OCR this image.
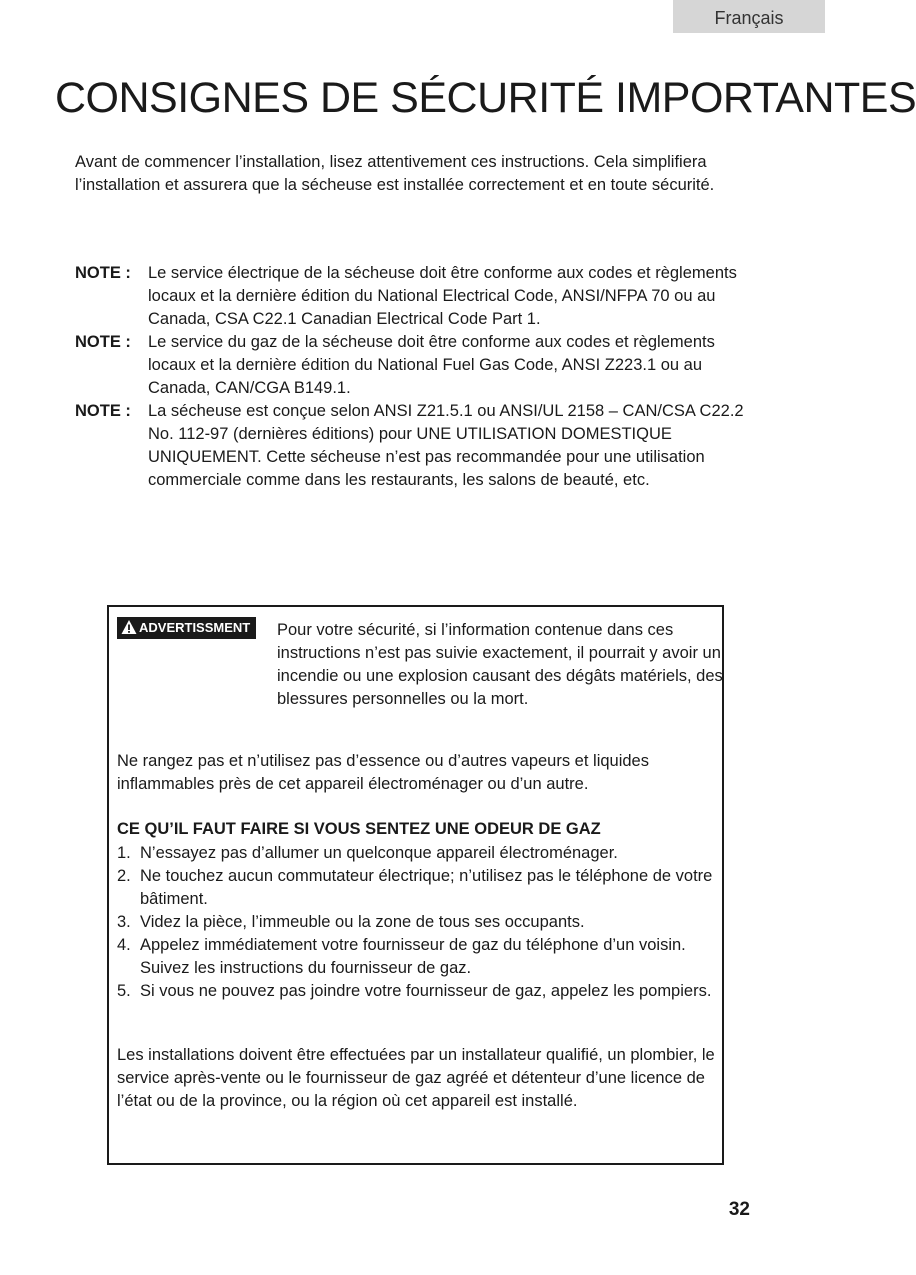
Français
CONSIGNES DE SÉCURITÉ IMPORTANTES

Avant de commencer l’installation, lisez attentivement ces instructions. Cela simplifiera l’installation et assurera que la sécheuse est installée correctement et en toute sécurité.

NOTE :	Le service électrique de la sécheuse doit être conforme aux codes et règlements locaux et la dernière édition du National Electrical Code, ANSI/NFPA 70 ou au Canada, CSA C22.1 Canadian Electrical Code Part 1.
NOTE :	Le service du gaz de la sécheuse doit être conforme aux codes et règlements locaux et la dernière édition du National Fuel Gas Code, ANSI Z223.1 ou au Canada, CAN/CGA B149.1.
NOTE :	La sécheuse est conçue selon ANSI Z21.5.1 ou ANSI/UL 2158 – CAN/CSA C22.2 No. 112-97 (dernières éditions) pour UNE UTILISATION DOMESTIQUE UNIQUEMENT. Cette sécheuse n’est pas recommandée pour une utilisation commerciale comme dans les restaurants, les salons de beauté, etc.
ADVERTISSMENT	Pour votre sécurité, si l’information contenue dans ces instructions n’est pas suivie exactement, il pourrait y avoir un incendie ou une explosion causant des dégâts matériels, des blessures personnelles ou la mort.

Ne rangez pas et n’utilisez pas d’essence ou d’autres vapeurs et liquides inflammables près de cet appareil électroménager ou d’un autre.

CE QU’IL FAUT FAIRE SI VOUS SENTEZ UNE ODEUR DE GAZ

1. N’essayez pas d’allumer un quelconque appareil électroménager.
2. Ne touchez aucun commutateur électrique; n’utilisez pas le téléphone de votre bâtiment.
3. Videz la pièce, l’immeuble ou la zone de tous ses occupants.
4. Appelez immédiatement votre fournisseur de gaz du téléphone d’un voisin. Suivez les instructions du fournisseur de gaz.
5. Si vous ne pouvez pas joindre votre fournisseur de gaz, appelez les pompiers.

Les installations doivent être effectuées par un installateur qualifié, un plombier, le service après-vente ou le fournisseur de gaz agréé et détenteur d’une licence de l’état ou de la province, ou la région où cet appareil est installé.

32
